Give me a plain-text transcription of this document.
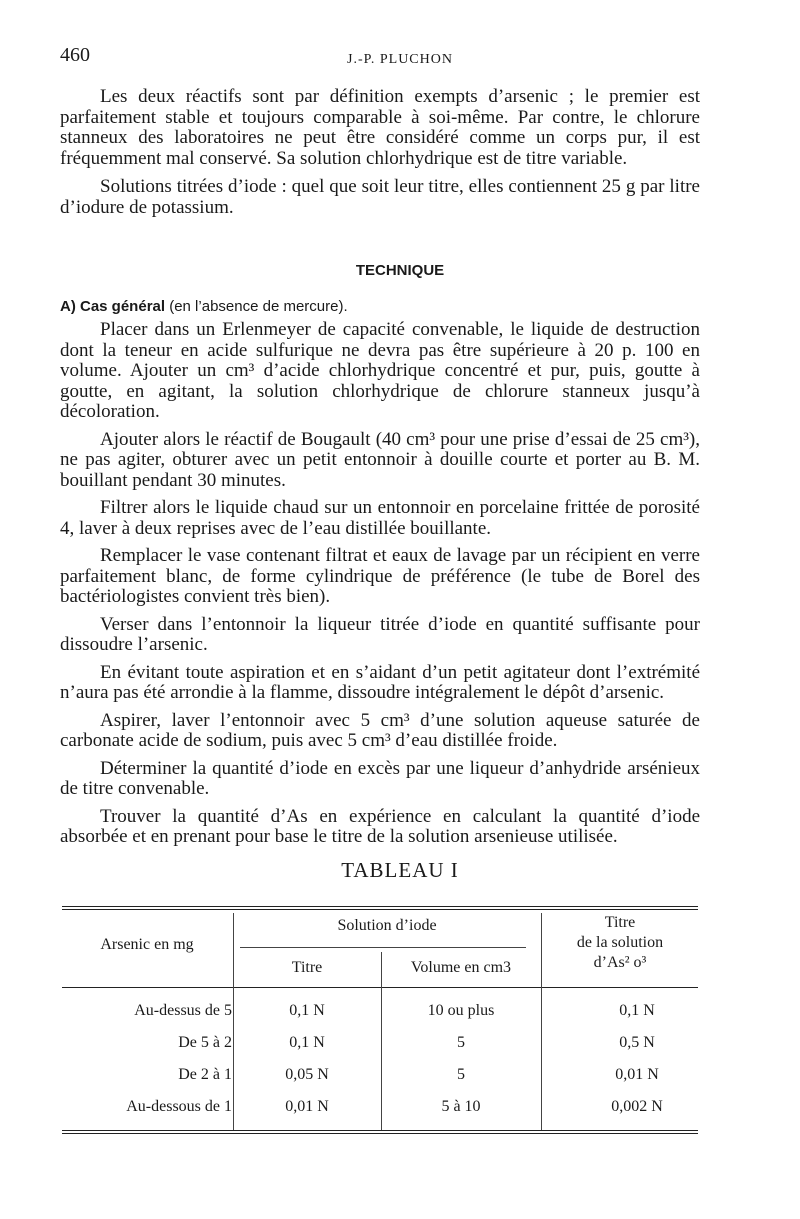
460	J.-P. PLUCHON

Les deux réactifs sont par définition exempts d’arsenic ; le premier est parfaitement stable et toujours comparable à soi-même. Par contre, le chlorure stanneux des laboratoires ne peut être considéré comme un corps pur, il est fréquemment mal conservé. Sa solution chlorhydrique est de titre variable.

Solutions titrées d’iode : quel que soit leur titre, elles contiennent 25 g par litre d’iodure de potassium.

TECHNIQUE
A) Cas général (en l’absence de mercure).

Placer dans un Erlenmeyer de capacité convenable, le liquide de destruction dont la teneur en acide sulfurique ne devra pas être supérieure à 20 p. 100 en volume. Ajouter un cm³ d’acide chlorhydrique concentré et pur, puis, goutte à goutte, en agitant, la solution chlorhydrique de chlorure stanneux jusqu’à décoloration.

Ajouter alors le réactif de Bougault (40 cm³ pour une prise d’essai de 25 cm³), ne pas agiter, obturer avec un petit entonnoir à douille courte et porter au B. M. bouillant pendant 30 minutes.

Filtrer alors le liquide chaud sur un entonnoir en porcelaine frittée de porosité 4, laver à deux reprises avec de l’eau distillée bouillante.

Remplacer le vase contenant filtrat et eaux de lavage par un récipient en verre parfaitement blanc, de forme cylindrique de préférence (le tube de Borel des bactériologistes convient très bien).

Verser dans l’entonnoir la liqueur titrée d’iode en quantité suffisante pour dissoudre l’arsenic.

En évitant toute aspiration et en s’aidant d’un petit agitateur dont l’extrémité n’aura pas été arrondie à la flamme, dissoudre intégralement le dépôt d’arsenic.

Aspirer, laver l’entonnoir avec 5 cm³ d’une solution aqueuse saturée de carbonate acide de sodium, puis avec 5 cm³ d’eau distillée froide.

Déterminer la quantité d’iode en excès par une liqueur d’anhydride arsénieux de titre convenable.

Trouver la quantité d’As en expérience en calculant la quantité d’iode absorbée et en prenant pour base le titre de la solution arsenieuse utilisée.

TABLEAU I
Arsenic en mg
Solution d’iode
Titre	Volume en cm3
Titre
de la solution
d’As² o³
Au-dessus de 5	0,1 N	10 ou plus	0,1 N
De 5 à 2	0,1 N	5	0,5 N
De 2 à 1	0,05 N	5	0,01 N
Au-dessous de 1	0,01 N	5 à 10	0,002 N
